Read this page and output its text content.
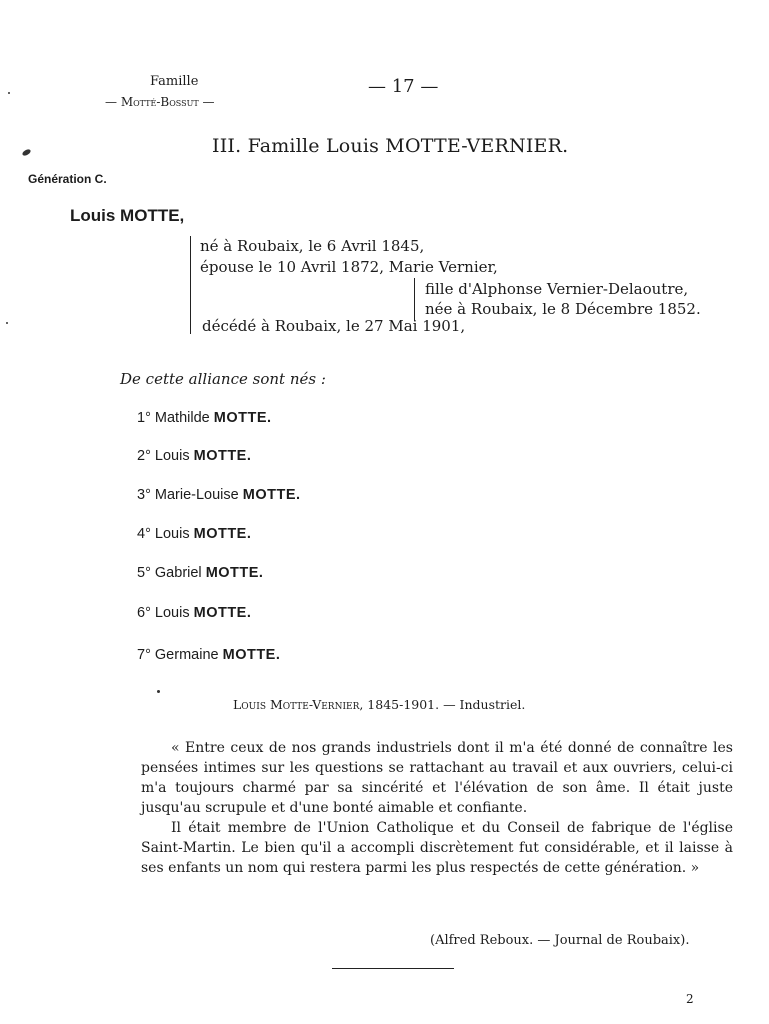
Famille
— Motté-Bossut —
— 17 —
III. Famille Louis MOTTE-VERNIER.
Génération C.
Louis MOTTE,
né à Roubaix, le 6 Avril 1845,
épouse le 10 Avril 1872, Marie Vernier,
fille d'Alphonse Vernier-Delaoutre,
née à Roubaix, le 8 Décembre 1852.
décédé à Roubaix, le 27 Mai 1901,
De cette alliance sont nés :
1° Mathilde MOTTE.
2° Louis MOTTE.
3° Marie-Louise MOTTE.
4° Louis MOTTE.
5° Gabriel MOTTE.
6° Louis MOTTE.
7° Germaine MOTTE.
Louis Motte-Vernier, 1845-1901. — Industriel.

« Entre ceux de nos grands industriels dont il m'a été donné de connaître les pensées intimes sur les questions se rattachant au travail et aux ouvriers, celui-ci m'a toujours charmé par sa sincérité et l'élévation de son âme. Il était juste jusqu'au scrupule et d'une bonté aimable et confiante.

Il était membre de l'Union Catholique et du Conseil de fabrique de l'église Saint-Martin. Le bien qu'il a accompli discrètement fut considérable, et il laisse à ses enfants un nom qui restera parmi les plus respectés de cette génération. »

(Alfred Reboux. — Journal de Roubaix).
2
